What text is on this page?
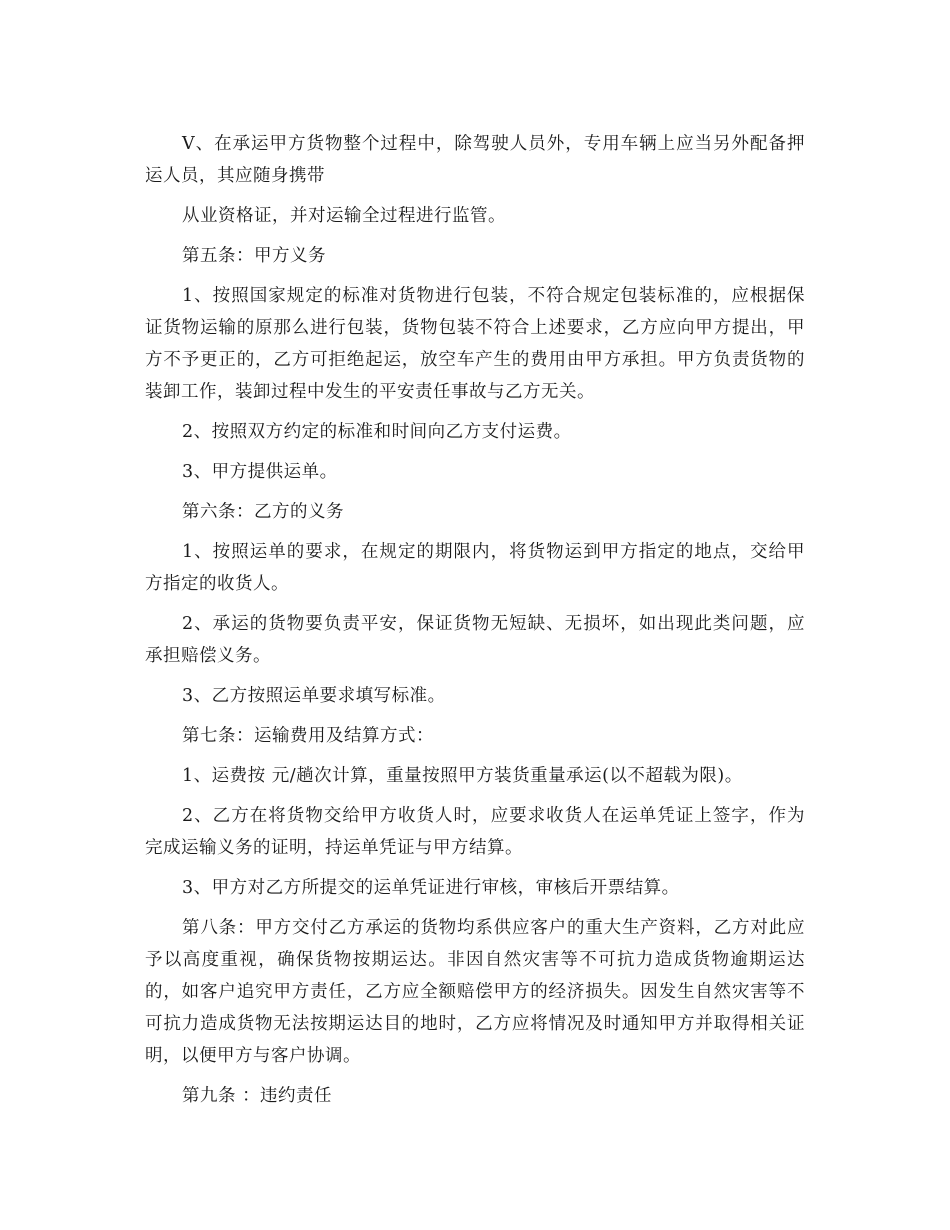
Ⅴ、在承运甲方货物整个过程中，除驾驶人员外，专用车辆上应当另外配备押运人员，其应随身携带

从业资格证，并对运输全过程进行监管。

第五条：甲方义务

1、按照国家规定的标准对货物进行包装，不符合规定包装标准的，应根据保证货物运输的原那么进行包装，货物包装不符合上述要求，乙方应向甲方提出，甲方不予更正的，乙方可拒绝起运，放空车产生的费用由甲方承担。甲方负责货物的装卸工作，装卸过程中发生的平安责任事故与乙方无关。

2、按照双方约定的标准和时间向乙方支付运费。

3、甲方提供运单。

第六条：乙方的义务

1、按照运单的要求，在规定的期限内，将货物运到甲方指定的地点，交给甲方指定的收货人。

2、承运的货物要负责平安，保证货物无短缺、无损坏，如出现此类问题，应承担赔偿义务。

3、乙方按照运单要求填写标准。

第七条：运输费用及结算方式：

1、运费按 元/趟次计算，重量按照甲方装货重量承运(以不超载为限)。

2、乙方在将货物交给甲方收货人时，应要求收货人在运单凭证上签字，作为完成运输义务的证明，持运单凭证与甲方结算。

3、甲方对乙方所提交的运单凭证进行审核，审核后开票结算。

第八条：甲方交付乙方承运的货物均系供应客户的重大生产资料，乙方对此应予以高度重视，确保货物按期运达。非因自然灾害等不可抗力造成货物逾期运达的，如客户追究甲方责任，乙方应全额赔偿甲方的经济损失。因发生自然灾害等不可抗力造成货物无法按期运达目的地时，乙方应将情况及时通知甲方并取得相关证明，以便甲方与客户协调。

第九条 ：违约责任
